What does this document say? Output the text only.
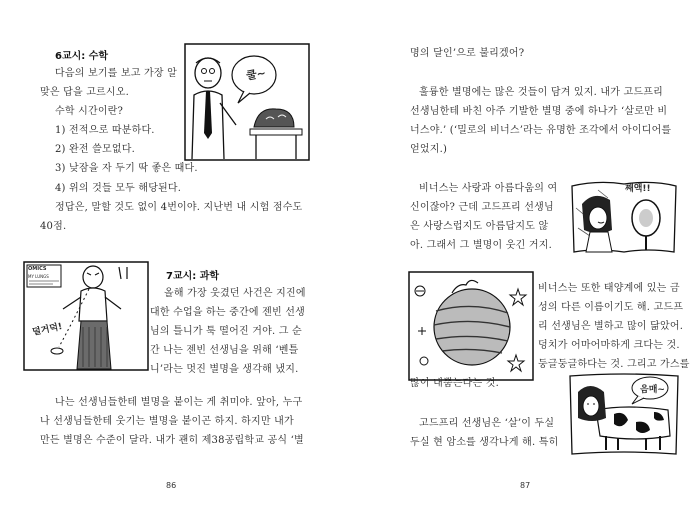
6교시: 수학
다음의 보기를 보고 가장 알
맞은 답을 고르시오.
수학 시간이란?
1) 전적으로 따분하다.
2) 완전 쓸모없다.
3) 낮잠을 자 두기 딱 좋은 때다.
4) 위의 것들 모두 해당된다.
정답은, 말할 것도 없이 4번이야. 지난번 내 시험 점수도
40점.
쿨~
OMICS
MY LUNGS
덜거덕!
7교시: 과학
올해 가장 웃겼던 사건은 지진에
대한 수업을 하는 중간에 젠빈 선생
님의 틀니가 툭 떨어진 거야. 그 순
간 나는 젠빈 선생님을 위해 ‘벤틀
니’라는 멋진 별명을 생각해 냈지.
나는 선생님들한테 별명을 붙이는 게 취미야. 앞아, 누구
나 선생님들한테 웃기는 별명을 붙이곤 하지. 하지만 내가
만든 별명은 수준이 달라. 내가 괜히 제38공립학교 공식 ‘별
86
명의 달인’으로 불리겠어?
훌륭한 별명에는 많은 것들이 담겨 있지. 내가 고드프리
선생님한테 바친 아주 기발한 별명 중에 하나가 ‘살로만 비
너스야.’ (‘밀로의 비너스’라는 유명한 조각에서 아이디어를
얻었지.)
비너스는 사랑과 아름다움의 여
신이잖아? 근데 고드프리 선생님
은 사랑스럽지도 아름답지도 않
아. 그래서 그 별명이 웃긴 거지.
째액!!
비너스는 또한 태양계에 있는 금
성의 다른 이름이기도 해. 고드프
리 선생님은 별하고 많이 닮았어.
덩치가 어마어마하게 크다는 것.
둥글둥글하다는 것. 그리고 가스를
많이 내뿜는다는 것.
고드프리 선생님은 ‘살’이 두실
두실 현 암소를 생각나게 해. 특히
음매~
87
